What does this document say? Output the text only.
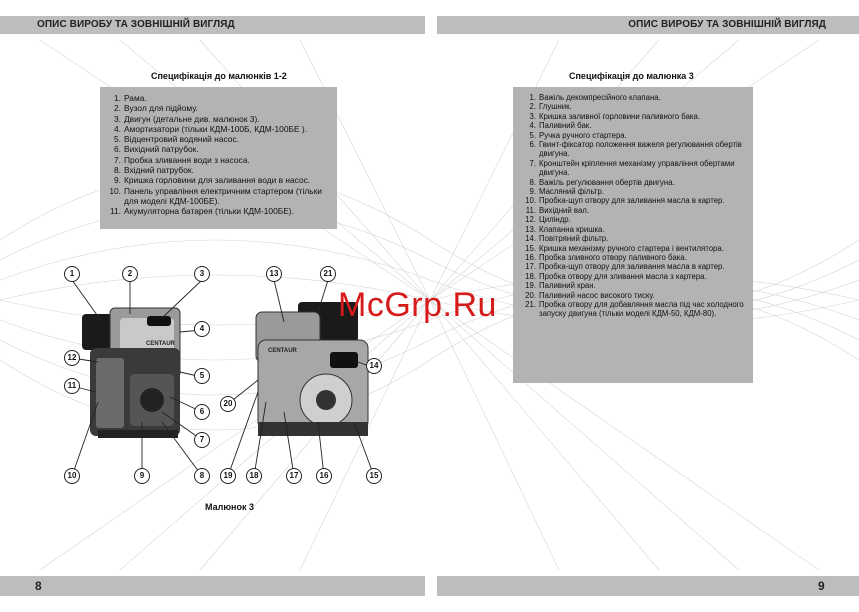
ОПИС ВИРОБУ ТА ЗОВНІШНІЙ ВИГЛЯД	ОПИС ВИРОБУ ТА ЗОВНІШНІЙ ВИГЛЯД
Специфікація до малюнків 1-2
1. Рама.
2. Вузол для підйому.
3. Двигун (детальне див. малюнок 3).
4. Амортизатори (тільки КДМ-100Б, КДМ-100БЕ ).
5. Відцентровий водяний насос.
6. Вихідний патрубок.
7. Пробка зливання води з насоса.
8. Вхідний патрубок.
9. Кришка горловини для заливання води в насос.
10. Панель управління електричним стартером (тільки для моделі КДМ-100БЕ).
11. Акумуляторна батарея (тільки КДМ-100БЕ).
Специфікація до малюнка 3
1. Важіль декомпресійного клапана.
2. Глушник.
3. Кришка заливної горловини паливного бака.
4. Паливний бак.
5. Ручка ручного стартера.
6. Гвинт-фіксатор положення важеля регулювання обертів двигуна.
7. Кронштейн кріплення механізму управління обертами двигуна.
8. Важіль регулювання обертів двигуна.
9. Масляний фільтр.
10. Пробка-щуп отвору для заливання масла в картер.
11. Вихідний вал.
12. Циліндр.
13. Клапанна кришка.
14. Повітряний фільтр.
15. Кришка механізму ручного стартера і вентилятора.
16. Пробка зливного отвору паливного бака.
17. Пробка-щуп отвору для заливання масла в картер.
18. Пробка отвору для зливання масла з картера.
19. Паливний кран.
20. Паливний насос високого тиску.
21. Пробка отвору для добавляння масла під час холодного запуску двигуна (тільки моделі КДМ-50, КДМ-80).
CENTAUR
CENTAUR
1	2	3
4
5
6
7
8
9
10
11
12
13	21
14
15
16
17
18
19
20
Малюнок 3
McGrp.Ru
8	9
